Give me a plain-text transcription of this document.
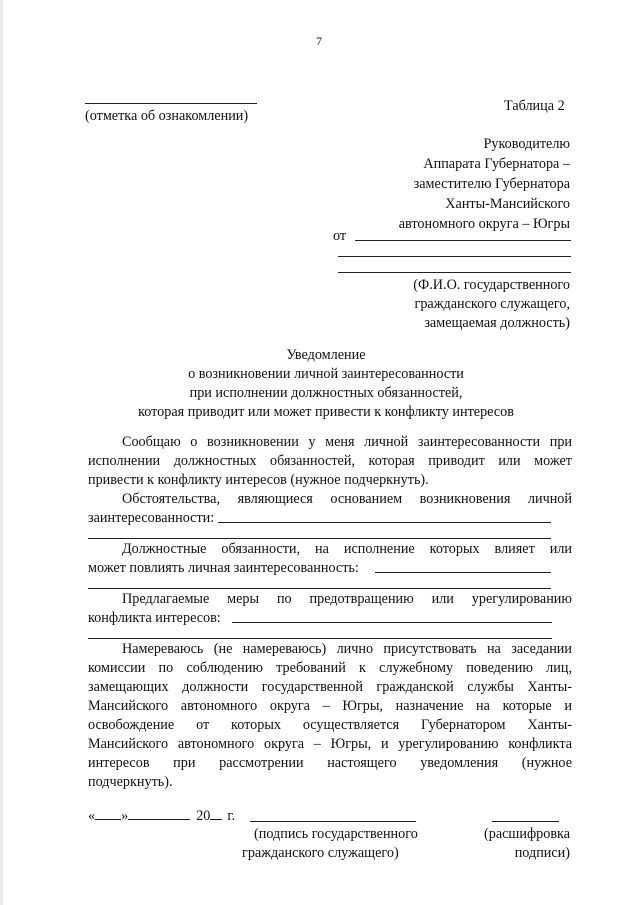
7
Таблица 2
(отметка об ознакомлении)
Руководителю
Аппарата Губернатора –
заместителю Губернатора
Ханты-Мансийского
автономного округа – Югры
от
(Ф.И.О. государственного
гражданского служащего,
замещаемая должность)
Уведомление
о возникновении личной заинтересованности
при исполнении должностных обязанностей,
которая приводит или может привести к конфликту интересов
Сообщаю о возникновении у меня личной заинтересованности при
исполнении должностных обязанностей, которая приводит или может
привести к конфликту интересов (нужное подчеркнуть).
Обстоятельства, являющиеся основанием возникновения личной
заинтересованности:
Должностные обязанности, на исполнение которых влияет или
может повлиять личная заинтересованность:
Предлагаемые меры по предотвращению или урегулированию
конфликта интересов:
Намереваюсь (не намереваюсь) лично присутствовать на заседании
комиссии по соблюдению требований к служебному поведению лиц,
замещающих должности государственной гражданской службы Ханты-
Мансийского автономного округа – Югры, назначение на которые и
освобождение от которых осуществляется Губернатором Ханты-
Мансийского автономного округа – Югры, и урегулированию конфликта
интересов при рассмотрении настоящего уведомления (нужное
подчеркнуть).
« »	20 г.
(подпись государственного
гражданского служащего)
(расшифровка
подписи)
